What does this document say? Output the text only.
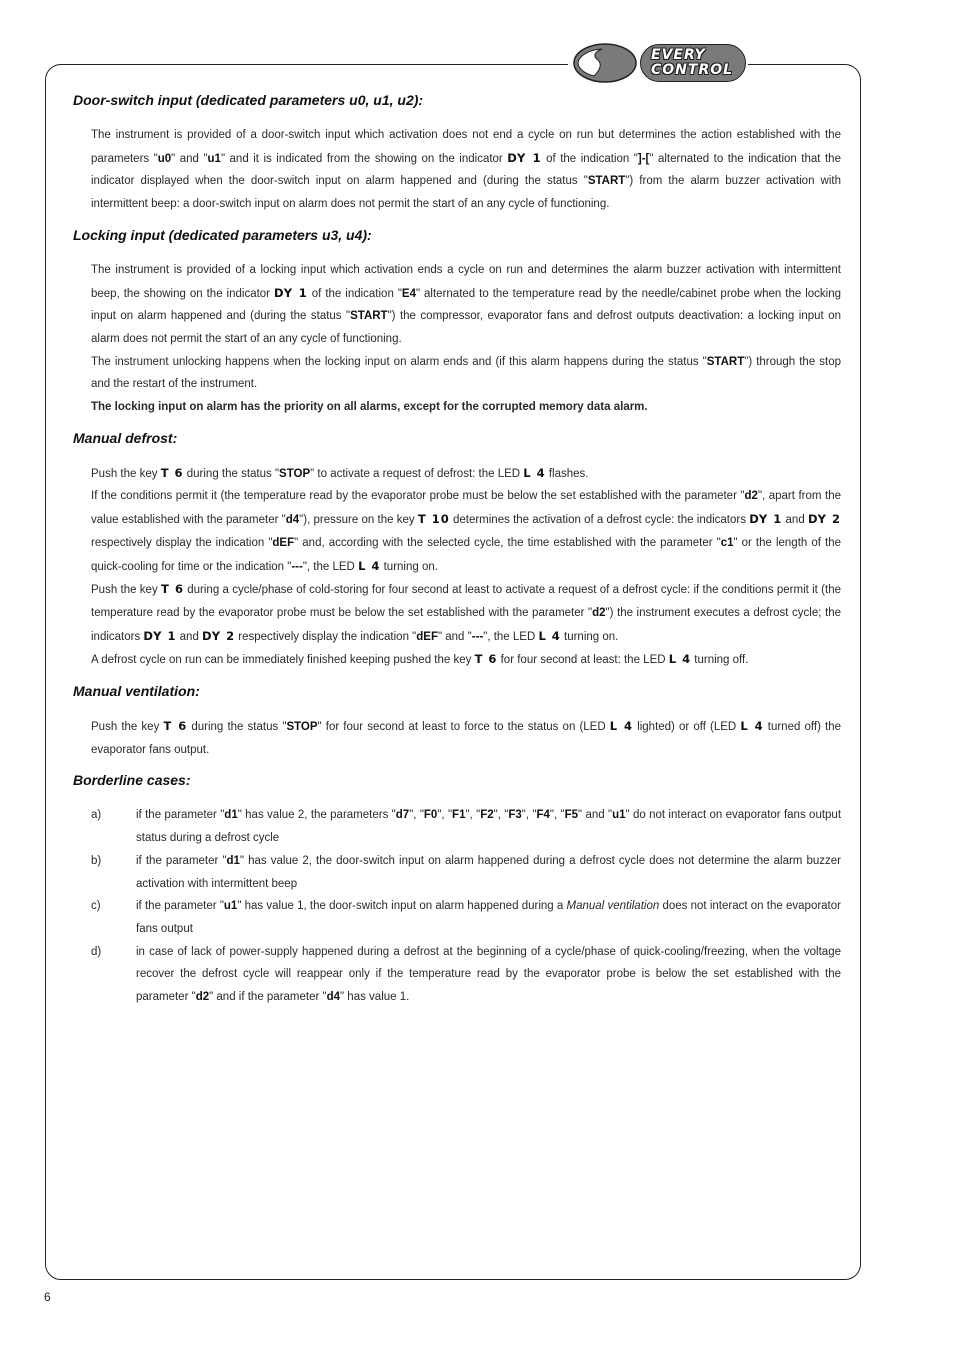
EVERY
CONTROL
Door-switch input (dedicated parameters u0, u1, u2):

The instrument is provided of a door-switch input which activation does not end a cycle on run but determines the action established with the parameters "u0" and "u1" and it is indicated from the showing on the indicator DY 1 of the indication "]-[" alternated to the indication that the indicator displayed when the door-switch input on alarm happened and (during the status "START") from the alarm buzzer activation with intermittent beep: a door-switch input on alarm does not permit the start of an any cycle of functioning.

Locking input (dedicated parameters u3, u4):

The instrument is provided of a locking input which activation ends a cycle on run and determines the alarm buzzer activation with intermittent beep, the showing on the indicator DY 1 of the indication "E4" alternated to the temperature read by the needle/cabinet probe when the locking input on alarm happened and (during the status "START") the compressor, evaporator fans and defrost outputs deactivation: a locking input on alarm does not permit the start of an any cycle of functioning.

The instrument unlocking happens when the locking input on alarm ends and (if this alarm happens during the status "START") through the stop and the restart of the instrument.

The locking input on alarm has the priority on all alarms, except for the corrupted memory data alarm.

Manual defrost:

Push the key T 6 during the status "STOP" to activate a request of defrost: the LED L 4 flashes.

If the conditions permit it (the temperature read by the evaporator probe must be below the set established with the parameter "d2", apart from the value established with the parameter "d4"), pressure on the key T 10 determines the activation of a defrost cycle: the indicators DY 1 and DY 2 respectively display the indication "dEF" and, according with the selected cycle, the time established with the parameter "c1" or the length of the quick-cooling for time or the indication "---", the LED L 4 turning on.

Push the key T 6 during a cycle/phase of cold-storing for four second at least to activate a request of a defrost cycle: if the conditions permit it (the temperature read by the evaporator probe must be below the set established with the parameter "d2") the instrument executes a defrost cycle; the indicators DY 1 and DY 2 respectively display the indication "dEF" and "---", the LED L 4 turning on.

A defrost cycle on run can be immediately finished keeping pushed the key T 6 for four second at least: the LED L 4 turning off.

Manual ventilation:

Push the key T 6 during the status "STOP" for four second at least to force to the status on (LED L 4 lighted) or off (LED L 4 turned off) the evaporator fans output.

Borderline cases:
a)	if the parameter "d1" has value 2, the parameters "d7", "F0", "F1", "F2", "F3", "F4", "F5" and "u1" do not interact on evaporator fans output status during a defrost cycle
b)	if the parameter "d1" has value 2, the door-switch input on alarm happened during a defrost cycle does not determine the alarm buzzer activation with intermittent beep
c)	if the parameter "u1" has value 1, the door-switch input on alarm happened during a Manual ventilation does not interact on the evaporator fans output
d)	in case of lack of power-supply happened during a defrost at the beginning of a cycle/phase of quick-cooling/freezing, when the voltage recover the defrost cycle will reappear only if the temperature read by the evaporator probe is below the set established with the parameter "d2" and if the parameter "d4" has value 1.
6
